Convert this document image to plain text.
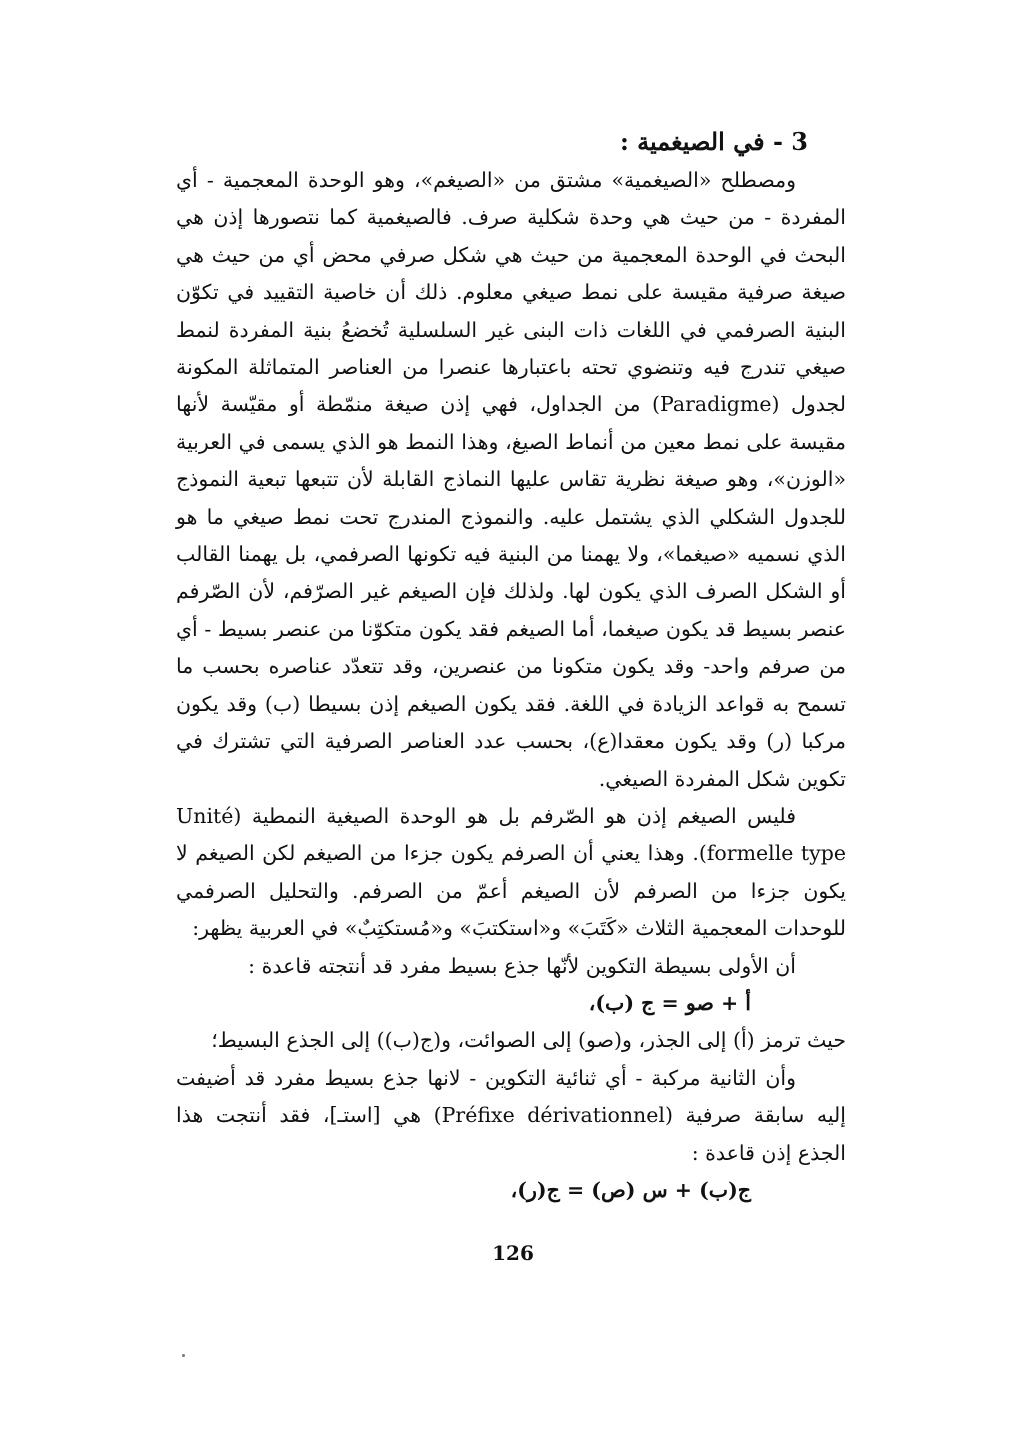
3 - في الصيغمية :

ومصطلح «الصيغمية» مشتق من «الصيغم»، وهو الوحدة المعجمية - أي المفردة - من حيث هي وحدة شكلية صرف. فالصيغمية كما نتصورها إذن هي البحث في الوحدة المعجمية من حيث هي شكل صرفي محض أي من حيث هي صيغة صرفية مقيسة على نمط صيغي معلوم. ذلك أن خاصية التقييد في تكوّن البنية الصرفمي في اللغات ذات البنى غير السلسلية تُخضعُ بنية المفردة لنمط صيغي تندرج فيه وتنضوي تحته باعتبارها عنصرا من العناصر المتماثلة المكونة لجدول (Paradigme) من الجداول، فهي إذن صيغة منمّطة أو مقيّسة لأنها مقيسة على نمط معين من أنماط الصيغ، وهذا النمط هو الذي يسمى في العربية «الوزن»، وهو صيغة نظرية تقاس عليها النماذج القابلة لأن تتبعها تبعية النموذج للجدول الشكلي الذي يشتمل عليه. والنموذج المندرج تحت نمط صيغي ما هو الذي نسميه «صيغما»، ولا يهمنا من البنية فيه تكونها الصرفمي، بل يهمنا القالب أو الشكل الصرف الذي يكون لها. ولذلك فإن الصيغم غير الصرّفم، لأن الصّرفم عنصر بسيط قد يكون صيغما، أما الصيغم فقد يكون متكوّنا من عنصر بسيط - أي من صرفم واحد- وقد يكون متكونا من عنصرين، وقد تتعدّد عناصره بحسب ما تسمح به قواعد الزيادة في اللغة. فقد يكون الصيغم إذن بسيطا (ب) وقد يكون مركبا (ر) وقد يكون معقدا(ع)، بحسب عدد العناصر الصرفية التي تشترك في تكوين شكل المفردة الصيغي.

فليس الصيغم إذن هو الصّرفم بل هو الوحدة الصيغية النمطية (Unité formelle type). وهذا يعني أن الصرفم يكون جزءا من الصيغم لكن الصيغم لا يكون جزءا من الصرفم لأن الصيغم أعمّ من الصرفم. والتحليل الصرفمي للوحدات المعجمية الثلاث «كَتَبَ» و«استكتبَ» و«مُستكتِبٌ» في العربية يظهر:

أن الأولى بسيطة التكوين لأنّها جذع بسيط مفرد قد أنتجته قاعدة :

أ + صو = ج (ب)،

حيث ترمز (أ) إلى الجذر، و(صو) إلى الصوائت، و(ج(ب)) إلى الجذع البسيط؛

وأن الثانية مركبة - أي ثنائية التكوين - لانها جذع بسيط مفرد قد أضيفت إليه سابقة صرفية (Préfixe dérivationnel) هي [استـ]، فقد أنتجت هذا الجذع إذن قاعدة :

ج(ب) + س (ص) = ج(ر)،

126
